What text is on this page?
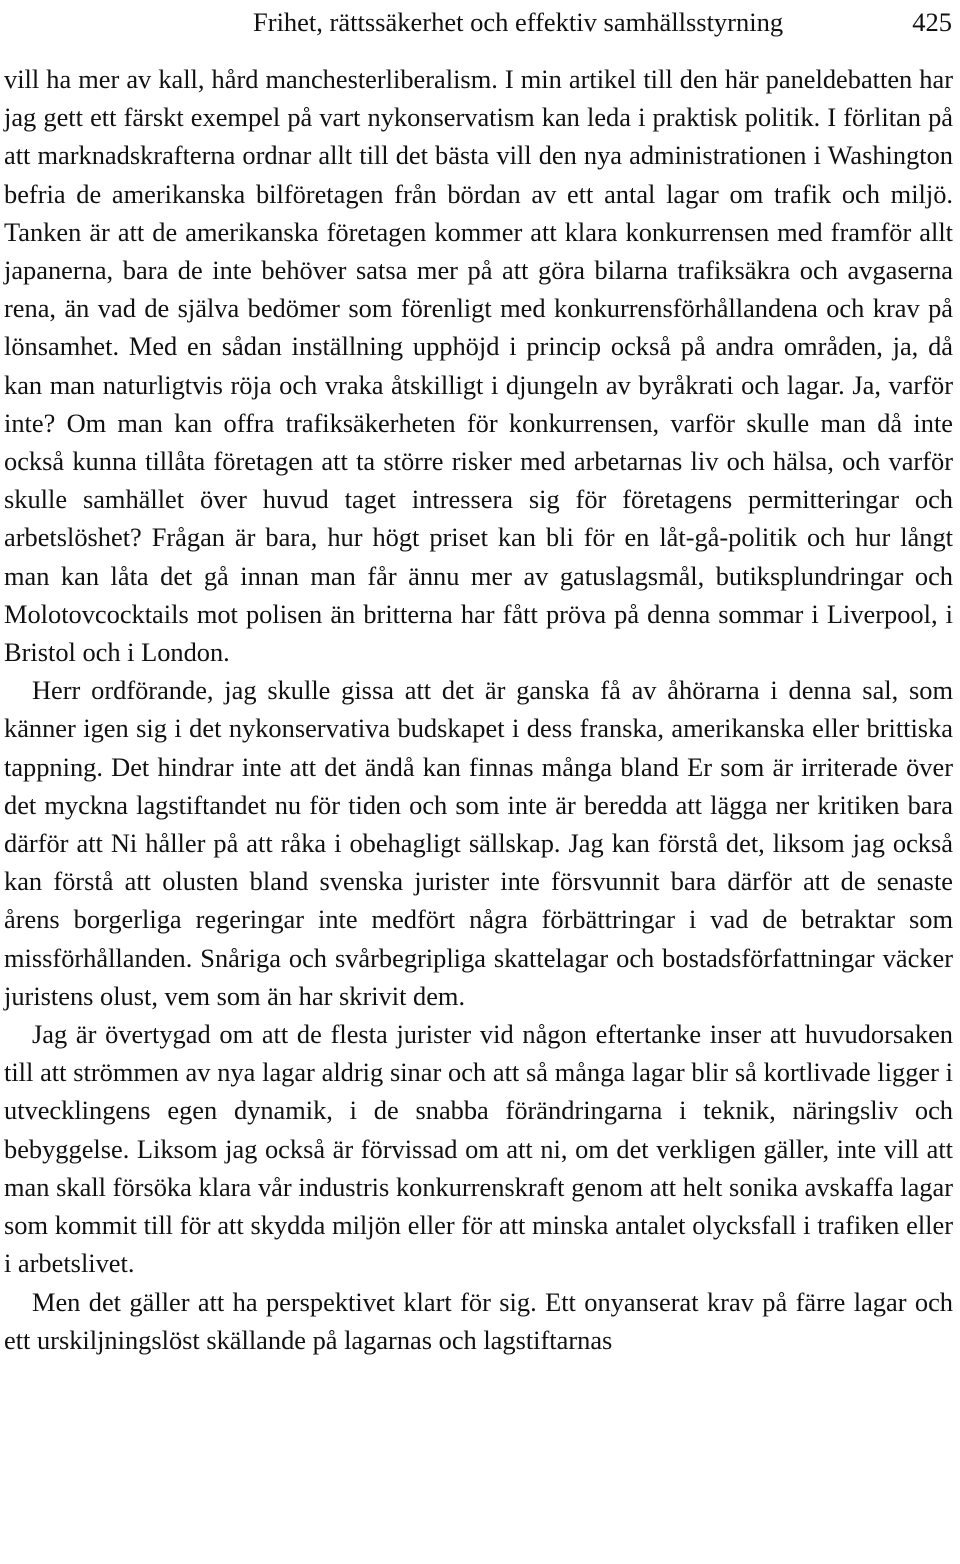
Frihet, rättssäkerhet och effektiv samhällsstyrning	425

vill ha mer av kall, hård manchesterliberalism. I min artikel till den här paneldebatten har jag gett ett färskt exempel på vart nykonservatism kan leda i praktisk politik. I förlitan på att marknadskrafterna ordnar allt till det bästa vill den nya administrationen i Washington befria de amerikanska bilföretagen från bördan av ett antal lagar om trafik och miljö. Tanken är att de amerikanska företagen kommer att klara konkurrensen med framför allt japanerna, bara de inte behöver satsa mer på att göra bilarna trafiksäkra och avgaserna rena, än vad de själva bedömer som förenligt med konkurrensförhållandena och krav på lönsamhet. Med en sådan inställning upphöjd i princip också på andra områden, ja, då kan man naturligtvis röja och vraka åtskilligt i djungeln av byråkrati och lagar. Ja, varför inte? Om man kan offra trafiksäkerheten för konkurrensen, varför skulle man då inte också kunna tillåta företagen att ta större risker med arbetarnas liv och hälsa, och varför skulle samhället över huvud taget intressera sig för företagens permitteringar och arbetslöshet? Frågan är bara, hur högt priset kan bli för en låt-gå-politik och hur långt man kan låta det gå innan man får ännu mer av gatuslagsmål, butiksplundringar och Molotovcocktails mot polisen än britterna har fått pröva på denna sommar i Liverpool, i Bristol och i London.

Herr ordförande, jag skulle gissa att det är ganska få av åhörarna i denna sal, som känner igen sig i det nykonservativa budskapet i dess franska, amerikanska eller brittiska tappning. Det hindrar inte att det ändå kan finnas många bland Er som är irriterade över det myckna lagstiftandet nu för tiden och som inte är beredda att lägga ner kritiken bara därför att Ni håller på att råka i obehagligt sällskap. Jag kan förstå det, liksom jag också kan förstå att olusten bland svenska jurister inte försvunnit bara därför att de senaste årens borgerliga regeringar inte medfört några förbättringar i vad de betraktar som missförhållanden. Snåriga och svårbegripliga skattelagar och bostadsförfattningar väcker juristens olust, vem som än har skrivit dem.

Jag är övertygad om att de flesta jurister vid någon eftertanke inser att huvudorsaken till att strömmen av nya lagar aldrig sinar och att så många lagar blir så kortlivade ligger i utvecklingens egen dynamik, i de snabba förändringarna i teknik, näringsliv och bebyggelse. Liksom jag också är förvissad om att ni, om det verkligen gäller, inte vill att man skall försöka klara vår industris konkurrenskraft genom att helt sonika avskaffa lagar som kommit till för att skydda miljön eller för att minska antalet olycksfall i trafiken eller i arbetslivet.

Men det gäller att ha perspektivet klart för sig. Ett onyanserat krav på färre lagar och ett urskiljningslöst skällande på lagarnas och lagstiftarnas
